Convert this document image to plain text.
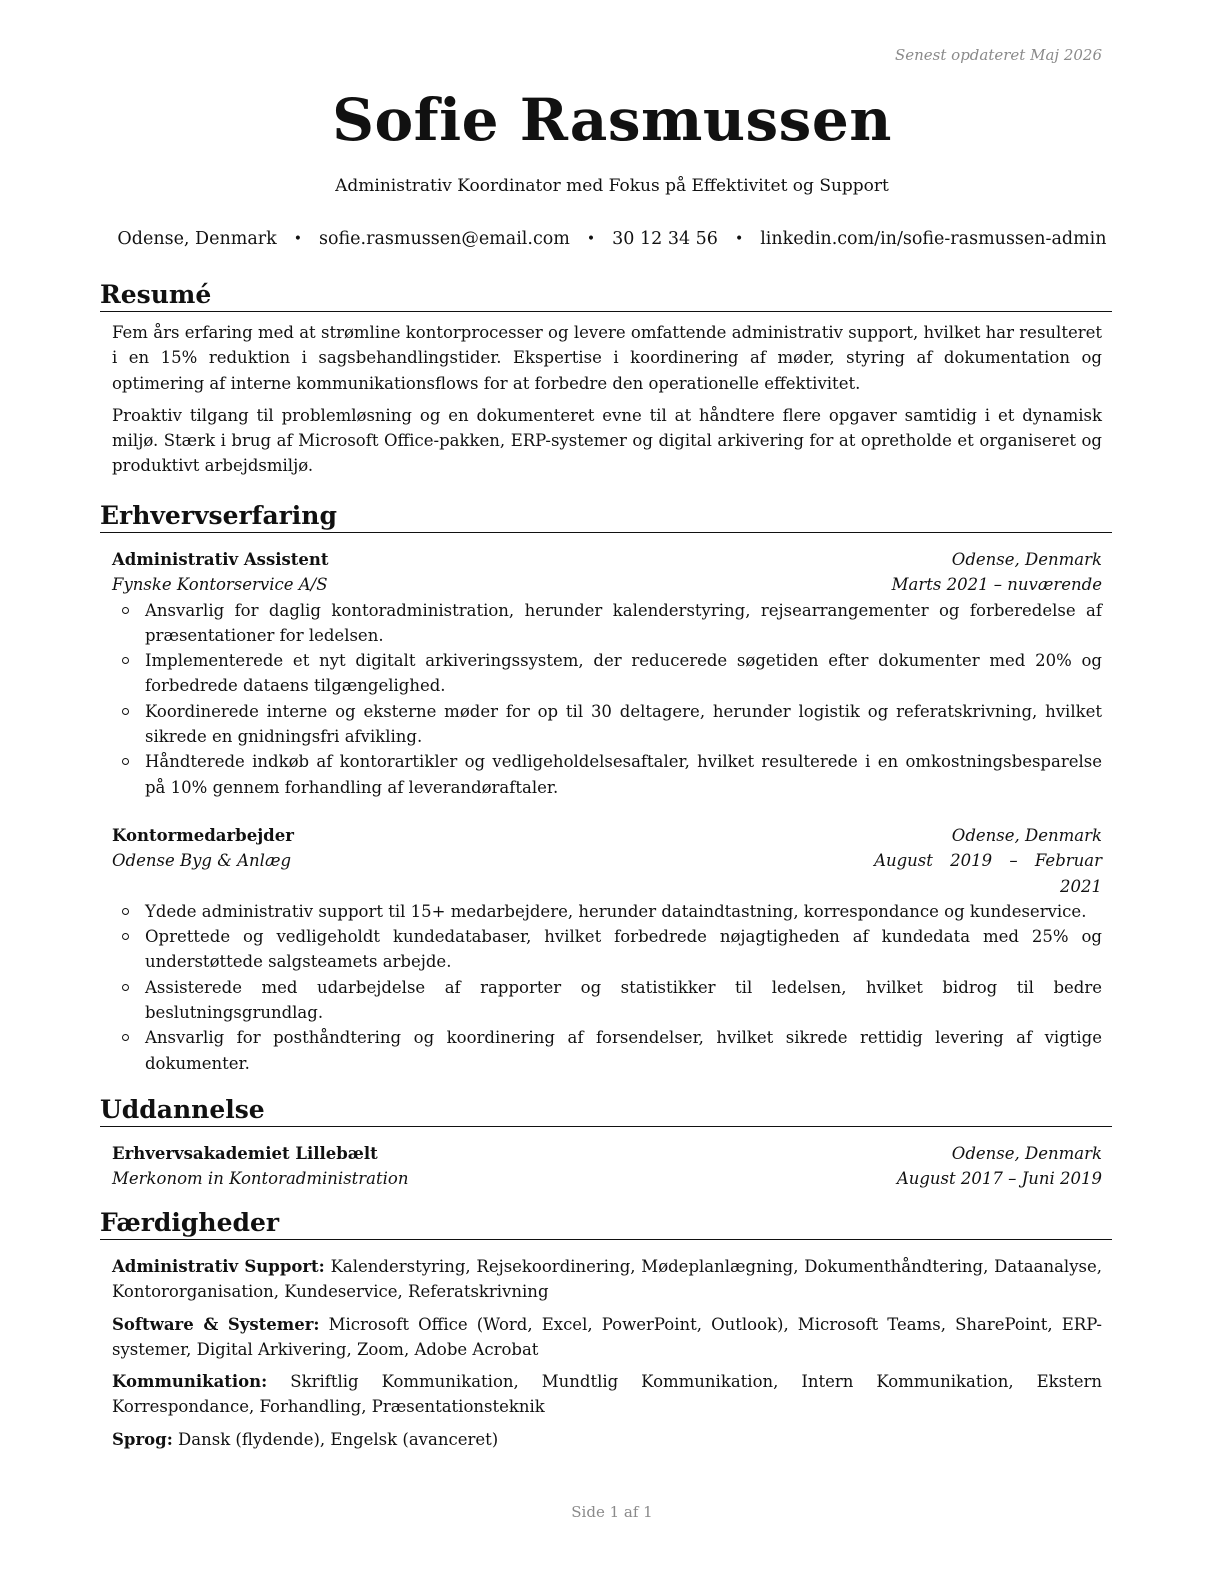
Senest opdateret Maj 2026
Sofie Rasmussen
Administrativ Koordinator med Fokus på Effektivitet og Support
Odense, Denmark • sofie.rasmussen@email.com • 30 12 34 56 • linkedin.com/in/sofie-rasmussen-admin
Resumé

Fem års erfaring med at strømline kontorprocesser og levere omfattende administrativ support, hvilket har resulteret i en 15% reduktion i sagsbehandlingstider. Ekspertise i koordinering af møder, styring af dokumentation og optimering af interne kommunikationsflows for at forbedre den operationelle effektivitet.

Proaktiv tilgang til problemløsning og en dokumenteret evne til at håndtere flere opgaver samtidig i et dynamisk miljø. Stærk i brug af Microsoft Office-pakken, ERP-systemer og digital arkivering for at opretholde et organiseret og produktivt arbejdsmiljø.

Erhvervserfaring
Administrativ Assistent	Odense, Denmark
Fynske Kontorservice A/S	Marts 2021 – nuværende
Ansvarlig for daglig kontoradministration, herunder kalenderstyring, rejsearrangementer og forberedelse af præsentationer for ledelsen.
Implementerede et nyt digitalt arkiveringssystem, der reducerede søgetiden efter dokumenter med 20% og forbedrede dataens tilgængelighed.
Koordinerede interne og eksterne møder for op til 30 deltagere, herunder logistik og referatskrivning, hvilket sikrede en gnidningsfri afvikling.
Håndterede indkøb af kontorartikler og vedligeholdelsesaftaler, hvilket resulterede i en omkostningsbesparelse på 10% gennem forhandling af leverandøraftaler.
Kontormedarbejder	Odense, Denmark
Odense Byg & Anlæg	August 2019 – Februar
2021
Ydede administrativ support til 15+ medarbejdere, herunder dataindtastning, korrespondance og kundeservice.
Oprettede og vedligeholdt kundedatabaser, hvilket forbedrede nøjagtigheden af kundedata med 25% og understøttede salgsteamets arbejde.
Assisterede med udarbejdelse af rapporter og statistikker til ledelsen, hvilket bidrog til bedre beslutningsgrundlag.
Ansvarlig for posthåndtering og koordinering af forsendelser, hvilket sikrede rettidig levering af vigtige dokumenter.
Uddannelse
Erhvervsakademiet Lillebælt	Odense, Denmark
Merkonom in Kontoradministration	August 2017 – Juni 2019
Færdigheder

Administrativ Support: Kalenderstyring, Rejsekoordinering, Mødeplanlægning, Dokumenthåndtering, Dataanalyse, Kontororganisation, Kundeservice, Referatskrivning

Software & Systemer: Microsoft Office (Word, Excel, PowerPoint, Outlook), Microsoft Teams, SharePoint, ERP-systemer, Digital Arkivering, Zoom, Adobe Acrobat

Kommunikation: Skriftlig Kommunikation, Mundtlig Kommunikation, Intern Kommunikation, Ekstern Korrespondance, Forhandling, Præsentationsteknik

Sprog: Dansk (flydende), Engelsk (avanceret)

Side 1 af 1
